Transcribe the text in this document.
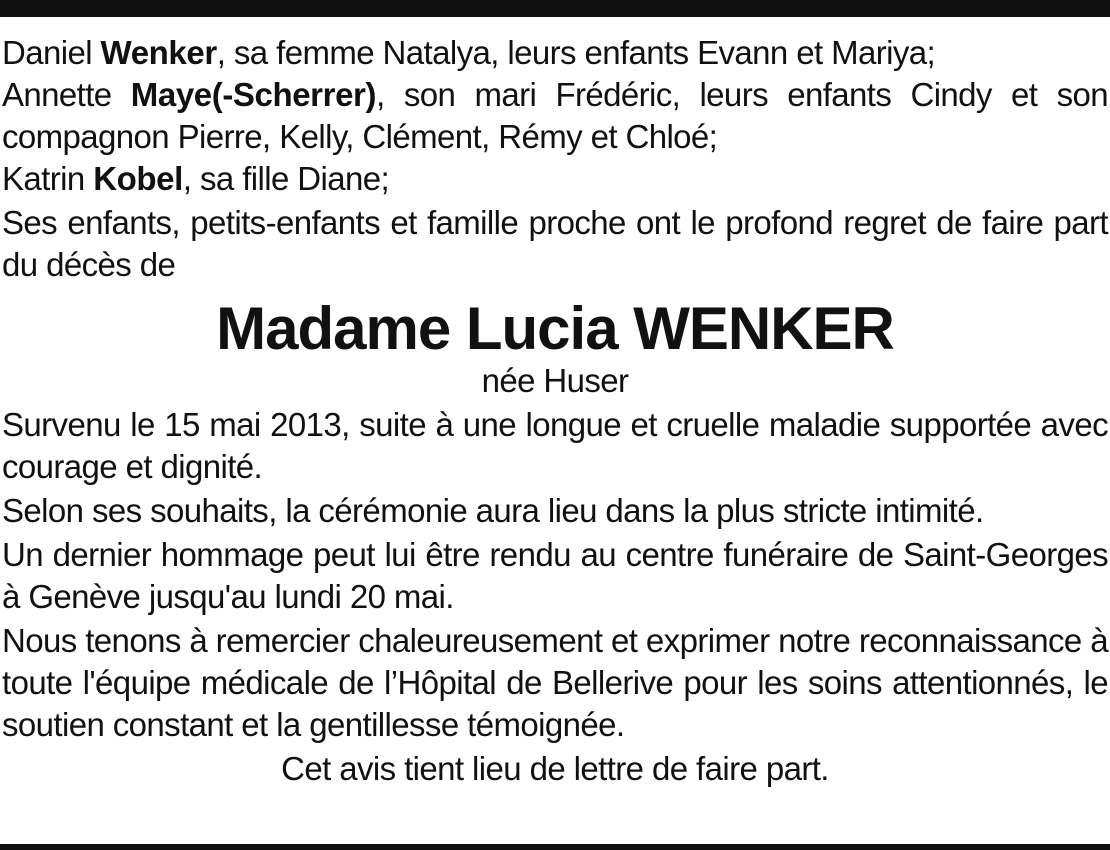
Daniel Wenker, sa femme Natalya, leurs enfants Evann et Mariya;

Annette Maye(-Scherrer), son mari Frédéric, leurs enfants Cindy et son compagnon Pierre, Kelly, Clément, Rémy et Chloé;

Katrin Kobel, sa fille Diane;

Ses enfants, petits-enfants et famille proche ont le profond regret de faire part du décès de

Madame Lucia WENKER
née Huser

Survenu le 15 mai 2013, suite à une longue et cruelle maladie supportée avec courage et dignité.

Selon ses souhaits, la cérémonie aura lieu dans la plus stricte intimité.

Un dernier hommage peut lui être rendu au centre funéraire de Saint-Georges à Genève jusqu'au lundi 20 mai.

Nous tenons à remercier chaleureusement et exprimer notre reconnaissance à toute l'équipe médicale de l’Hôpital de Bellerive pour les soins attentionnés, le soutien constant et la gentillesse témoignée.

Cet avis tient lieu de lettre de faire part.
